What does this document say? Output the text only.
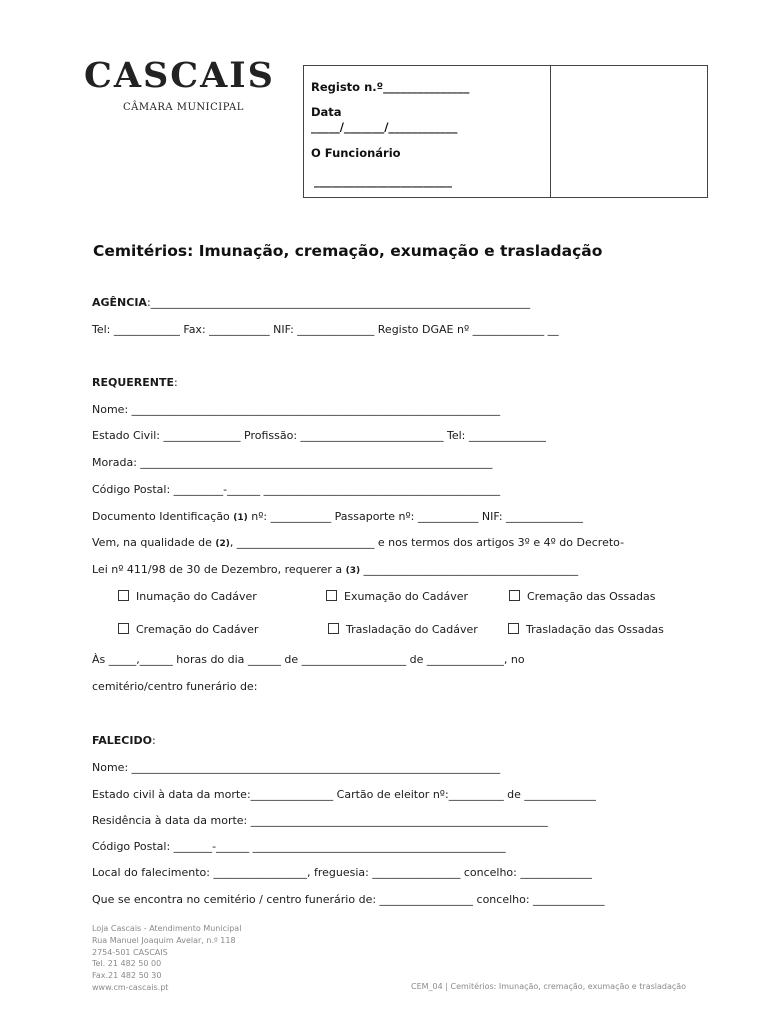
CASCAIS
CÂMARA MUNICIPAL
Registo n.º_______________
Data
_____/_______/____________
O Funcionário
________________________
Cemitérios: Imunação, cremação, exumação e trasladação
AGÊNCIA:_____________________________________________________________________
Tel: ____________ Fax: ___________ NIF: ______________ Registo DGAE nº _____________ __
REQUERENTE:
Nome: ___________________________________________________________________
Estado Civil: ______________ Profissão: __________________________ Tel: ______________
Morada: ________________________________________________________________
Código Postal: _________-______ ___________________________________________
Documento Identificação (1) nº: ___________ Passaporte nº: ___________ NIF: ______________
Vem, na qualidade de (2), _________________________ e nos termos dos artigos 3º e 4º do Decreto-
Lei nº 411/98 de 30 de Dezembro, requerer a (3) _______________________________________
Inumação do Cadáver	Exumação do Cadáver	Cremação das Ossadas
Cremação do Cadáver	Trasladação do Cadáver	Trasladação das Ossadas
Às _____,______ horas do dia ______ de ___________________ de ______________, no
cemitério/centro funerário de:
FALECIDO:
Nome: ___________________________________________________________________
Estado civil à data da morte:_______________ Cartão de eleitor nº:__________ de _____________
Residência à data da morte: ______________________________________________________
Código Postal: _______-______ ______________________________________________
Local do falecimento: _________________, freguesia: ________________ concelho: _____________
Que se encontra no cemitério / centro funerário de: _________________ concelho: _____________
Loja Cascais - Atendimento Municipal
Rua Manuel Joaquim Avelar, n.º 118
2754-501 CASCAIS
Tel. 21 482 50 00
Fax.21 482 50 30
www.cm-cascais.pt	CEM_04 | Cemitérios: Imunação, cremação, exumação e trasladação
